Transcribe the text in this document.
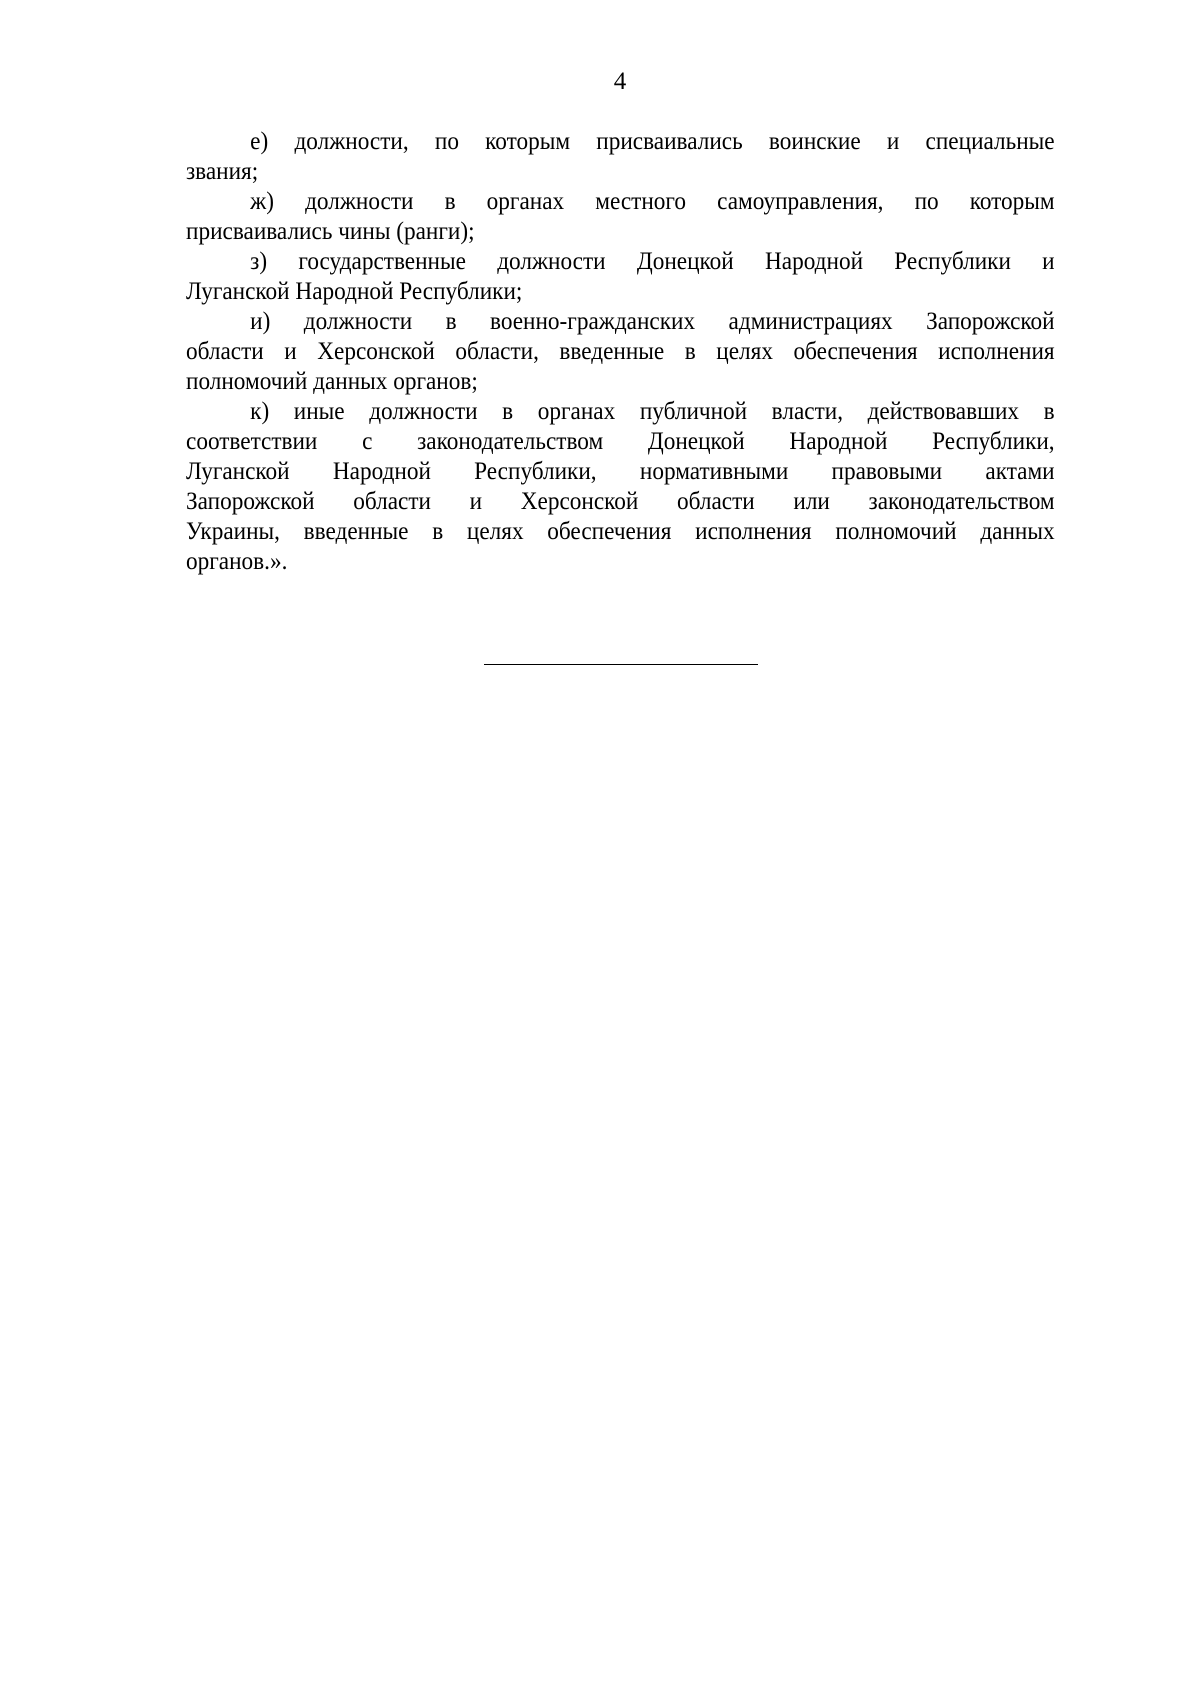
4
е) должности, по которым присваивались воинские и специальные
звания;
ж) должности в органах местного самоуправления, по которым
присваивались чины (ранги);
з) государственные должности Донецкой Народной Республики и
Луганской Народной Республики;
и) должности в военно-гражданских администрациях Запорожской
области и Херсонской области, введенные в целях обеспечения исполнения
полномочий данных органов;
к) иные должности в органах публичной власти, действовавших в
соответствии с законодательством Донецкой Народной Республики,
Луганской Народной Республики, нормативными правовыми актами
Запорожской области и Херсонской области или законодательством
Украины, введенные в целях обеспечения исполнения полномочий данных
органов.».
